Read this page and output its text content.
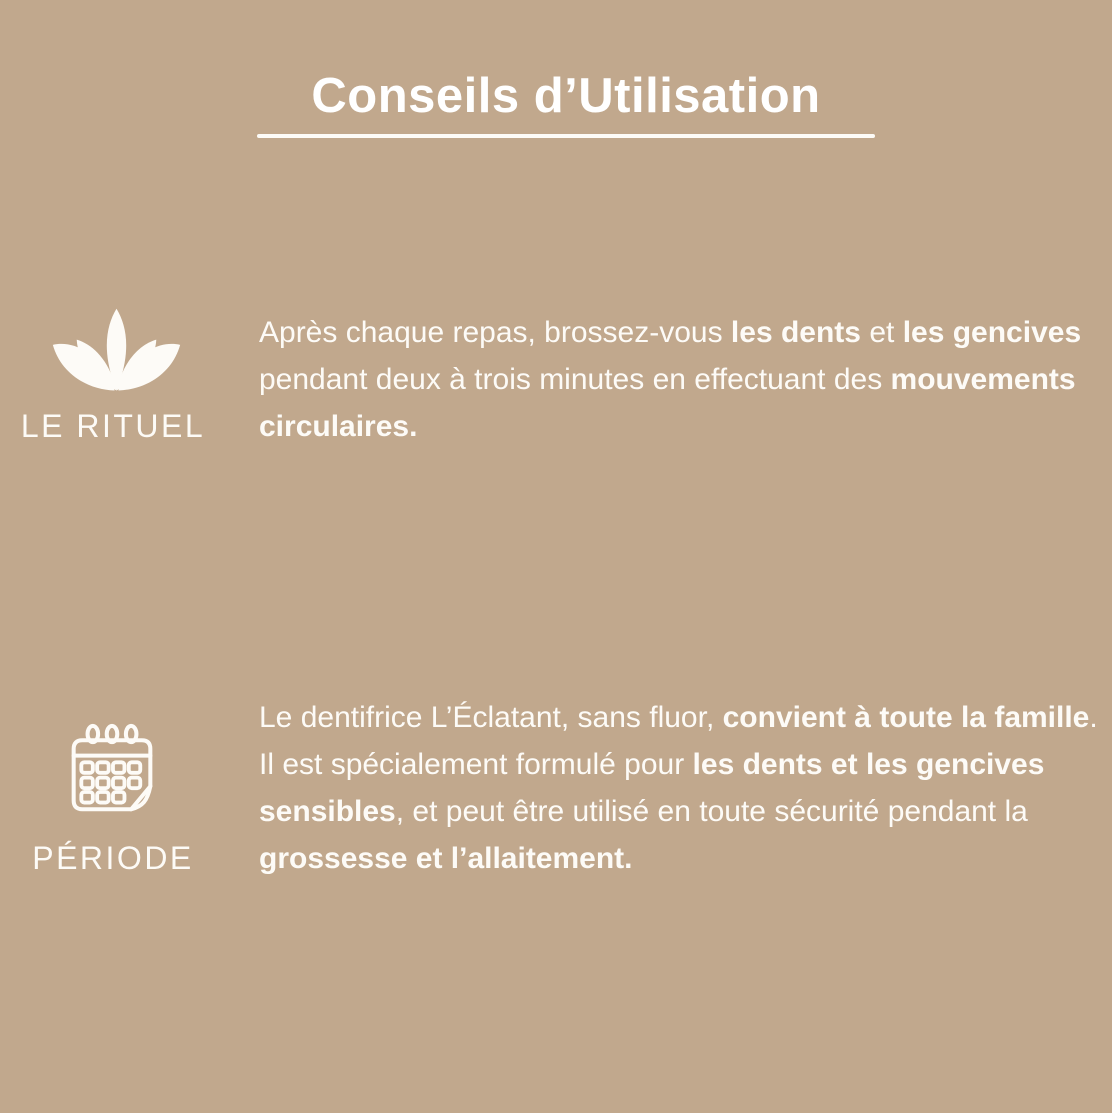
Conseils d’Utilisation
LE RITUEL

Après chaque repas, brossez-vous les dents et les gencives pendant deux à trois minutes en effectuant des mouvements circulaires.

PÉRIODE

Le dentifrice L’Éclatant, sans fluor, convient à toute la famille. Il est spécialement formulé pour les dents et les gencives sensibles, et peut être utilisé en toute sécurité pendant la grossesse et l’allaitement.
